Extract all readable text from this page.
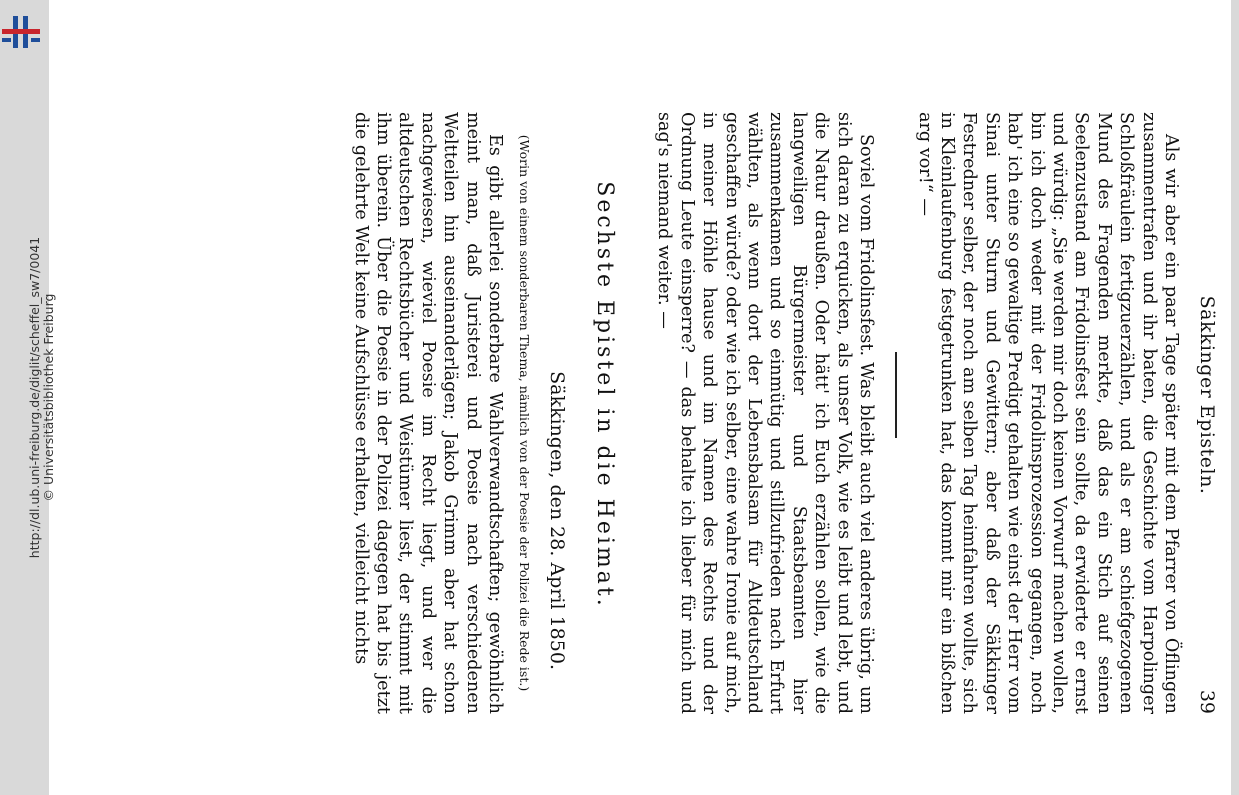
http://dl.ub.uni-freiburg.de/diglit/scheffel_sw7/0041 © Universitätsbibliothek Freiburg	Säkkinger Episteln.
39

Als wir aber ein paar Tage später mit dem Pfarrer von Öflingen zusammentrafen und ihr baten, die Geschichte vom Harpolinger Schloßfräulein fertigzuerzählen, und als er am schiefgezogenen Mund des Fragenden merkte, daß das ein Stich auf seinen Seelenzustand am Fridolinsfest sein sollte, da erwiderte er ernst und würdig: „Sie werden mir doch keinen Vorwurf machen wollen, bin ich doch weder mit der Fridolinsprozession gegangen, noch hab' ich eine so gewaltige Predigt gehalten wie einst der Herr vom Sinai unter Sturm und Gewittern; aber daß der Säkkinger Festredner selber, der noch am selben Tag heimfahren wollte, sich in Kleinlaufenburg festgetrunken hat, das kommt mir ein bißchen arg vor!“ —

Soviel vom Fridolinsfest. Was bleibt auch viel anderes übrig, um sich daran zu erquicken, als unser Volk, wie es leibt und lebt, und die Natur draußen. Oder hätt' ich Euch erzählen sollen, wie die langweiligen Bürgermeister und Staatsbeamten hier zusammenkamen und so einmütig und stillzufrieden nach Erfurt wählten, als wenn dort der Lebensbalsam für Altdeutschland geschaffen würde? oder wie ich selber, eine wahre Ironie auf mich, in meiner Höhle hause und im Namen des Rechts und der Ordnung Leute einsperre? — das behalte ich lieber für mich und sag's niemand weiter. —

Sechste Epistel in die Heimat.
Säkkingen, den 28. April 1850.
(Worin von einem sonderbaren Thema, nämlich von der Poesie der Polizei die Rede ist.)

Es gibt allerlei sonderbare Wahlverwandtschaften; gewöhnlich meint man, daß Juristerei und Poesie nach verschiedenen Weltteilen hin auseinanderlägen; Jakob Grimm aber hat schon nachgewiesen, wieviel Poesie im Recht liegt, und wer die altdeutschen Rechtsbücher und Weistümer liest, der stimmt mit ihm überein. Über die Poesie in der Polizei dagegen hat bis jetzt die gelehrte Welt keine Aufschlüsse erhalten, vielleicht nichts
